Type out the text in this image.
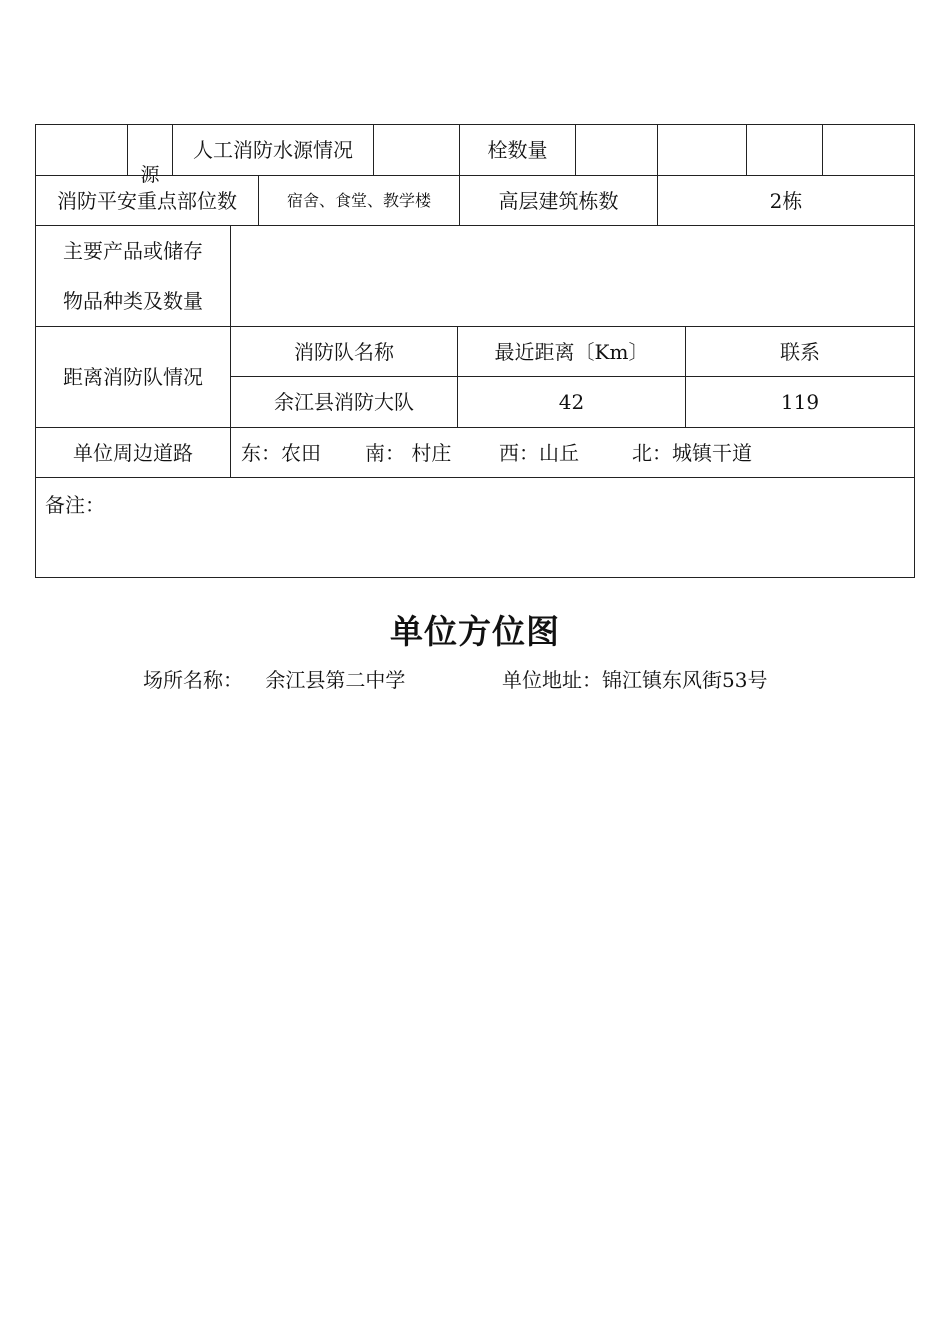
源
人工消防水源情况	栓数量
消防平安重点部位数	宿舍、食堂、教学楼	高层建筑栋数	2栋
主要产品或储存
物品种类及数量
距离消防队情况
消防队名称	最近距离〔Km〕	联系
余江县消防大队	42	119
单位周边道路 东：农田	南： 村庄	西：山丘	北：城镇干道
备注：
单位方位图
场所名称： 余江县第二中学	单位地址：锦江镇东风街53号
